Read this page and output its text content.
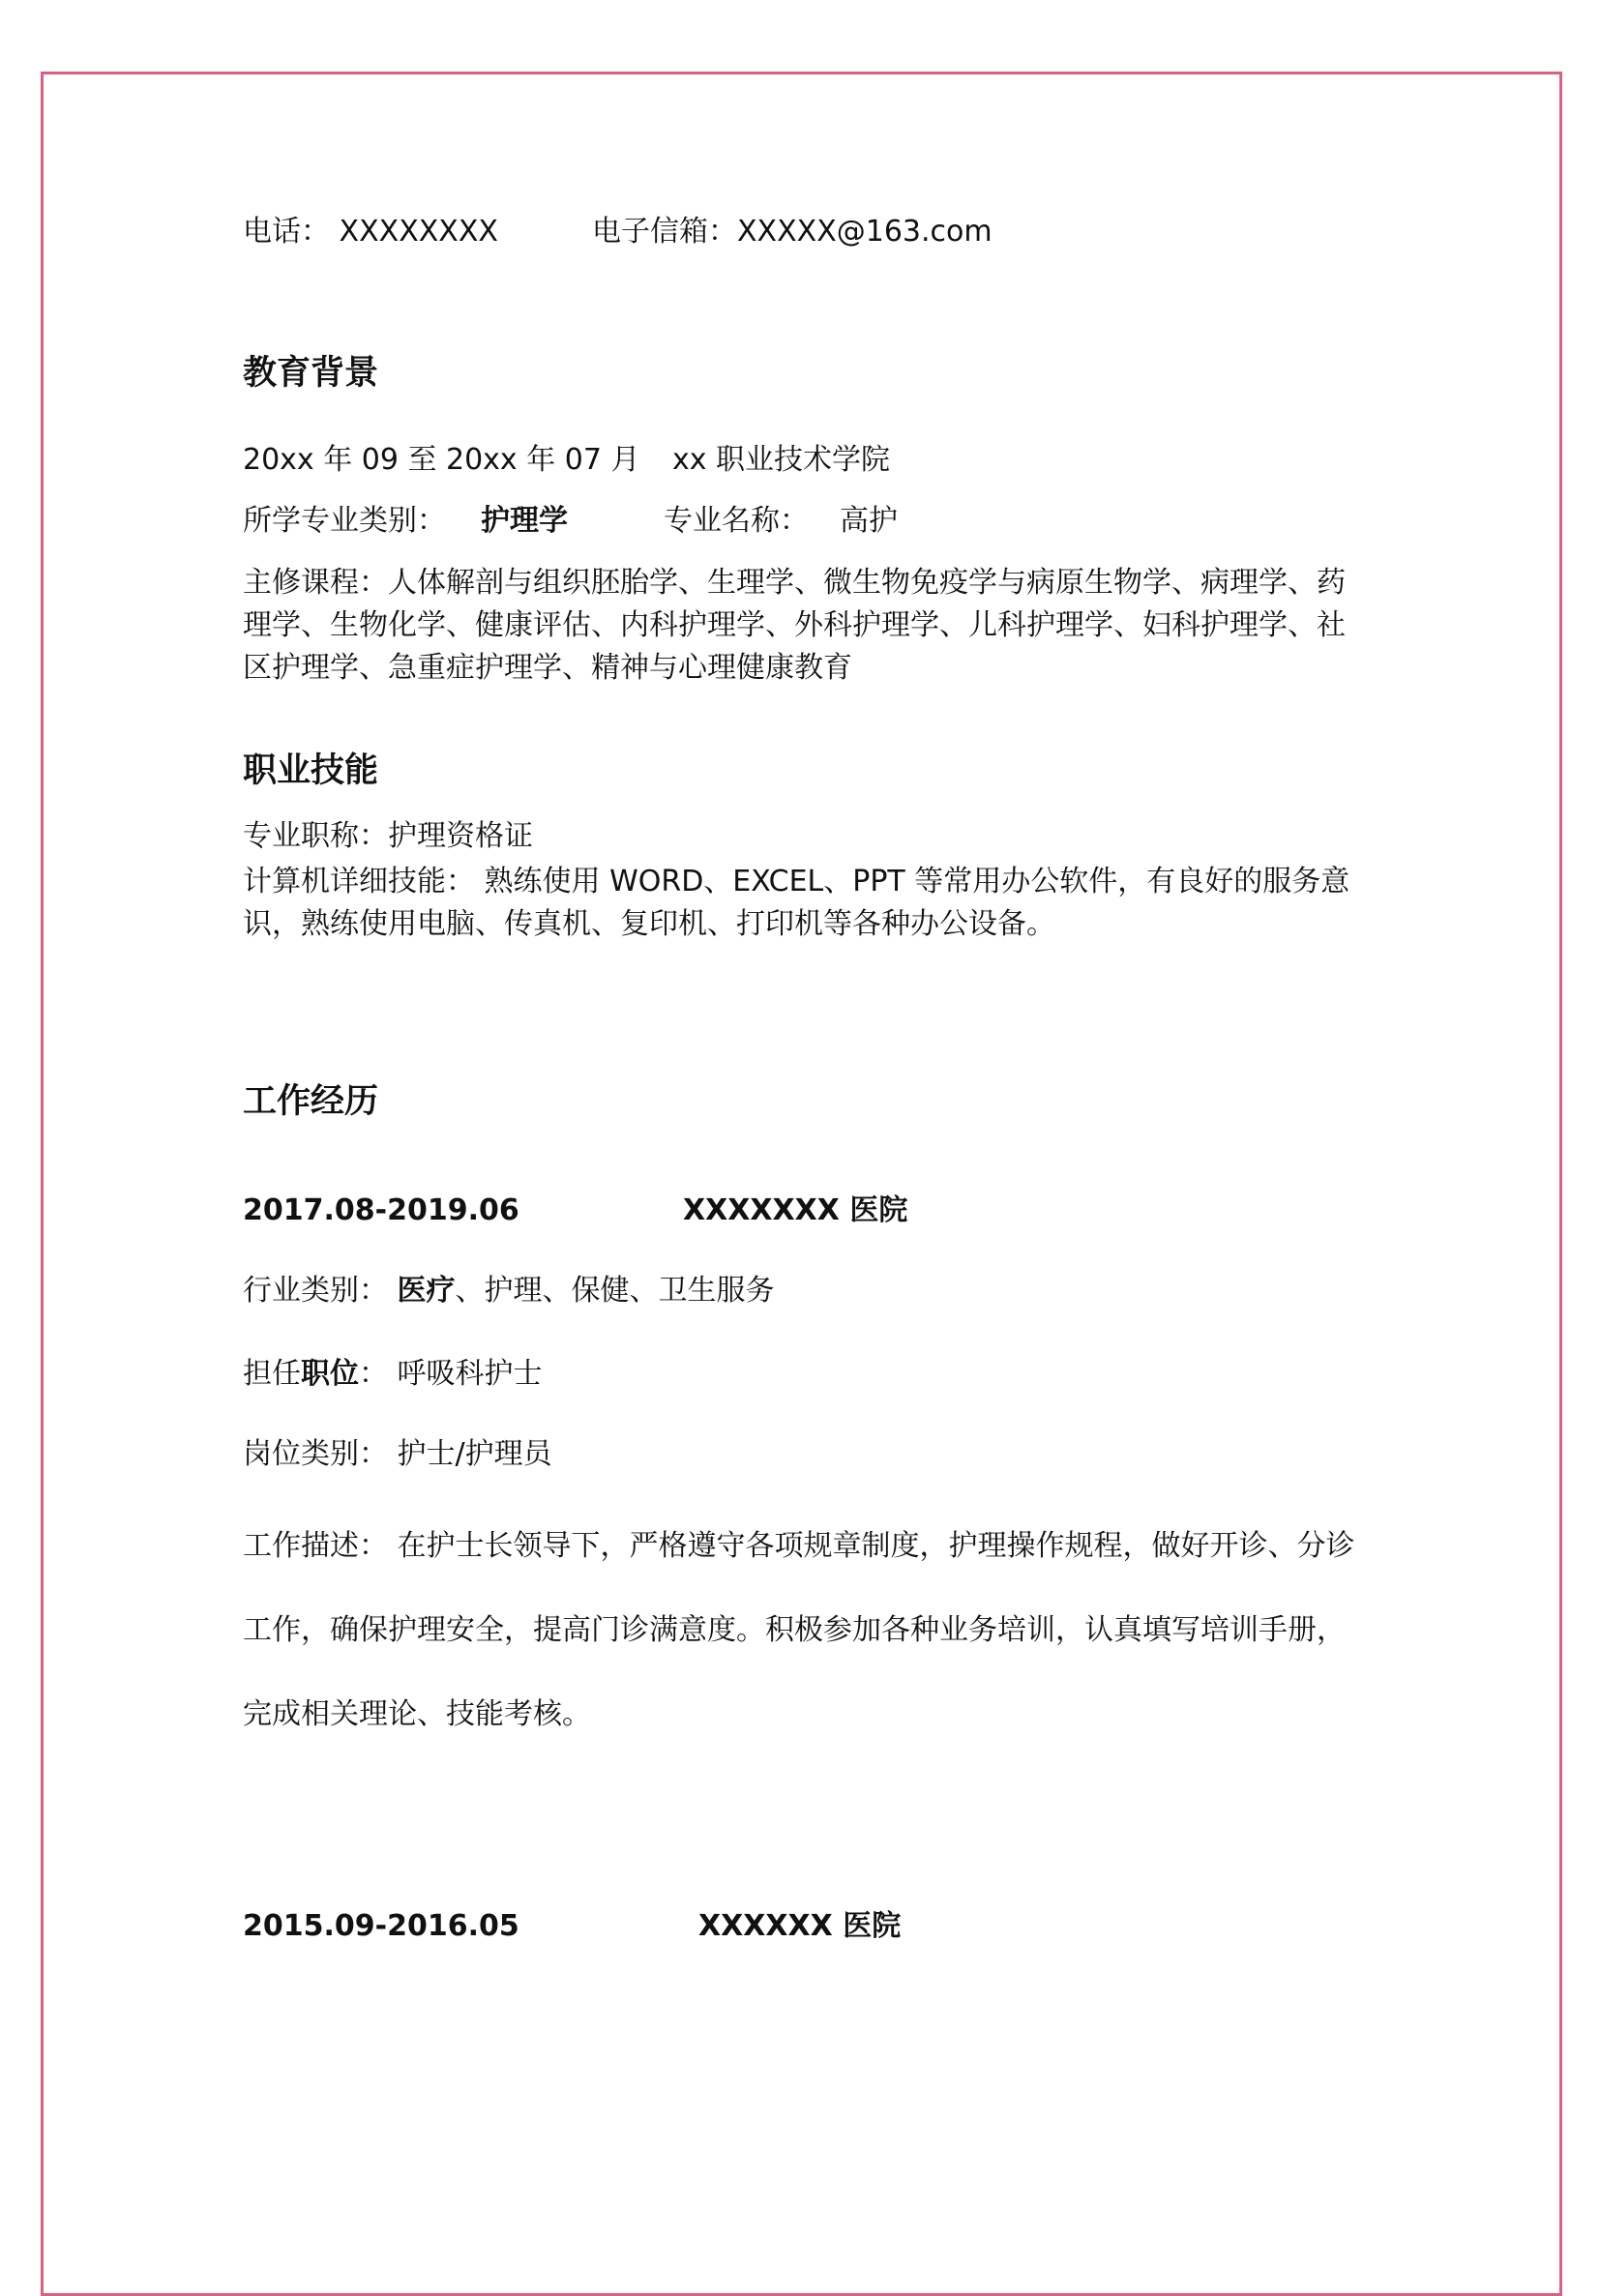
电话： XXXXXXXX	电子信箱：XXXXX@163.com
教育背景
20xx 年 09 至 20xx 年 07 月 xx 职业技术学院
所学专业类别： 护理学	专业名称： 高护
主修课程：人体解剖与组织胚胎学、生理学、微生物免疫学与病原生物学、病理学、药理学、生物化学、健康评估、内科护理学、外科护理学、儿科护理学、妇科护理学、社区护理学、急重症护理学、精神与心理健康教育
职业技能
专业职称：护理资格证
计算机详细技能： 熟练使用 WORD、EXCEL、PPT 等常用办公软件，有良好的服务意识，熟练使用电脑、传真机、复印机、打印机等各种办公设备。
工作经历
2017.08-2019.06	XXXXXXX 医院
行业类别： 医疗、护理、保健、卫生服务
担任职位： 呼吸科护士
岗位类别： 护士/护理员
工作描述： 在护士长领导下，严格遵守各项规章制度，护理操作规程，做好开诊、分诊工作，确保护理安全，提高门诊满意度。积极参加各种业务培训，认真填写培训手册，完成相关理论、技能考核。
2015.09-2016.05	XXXXXX 医院
